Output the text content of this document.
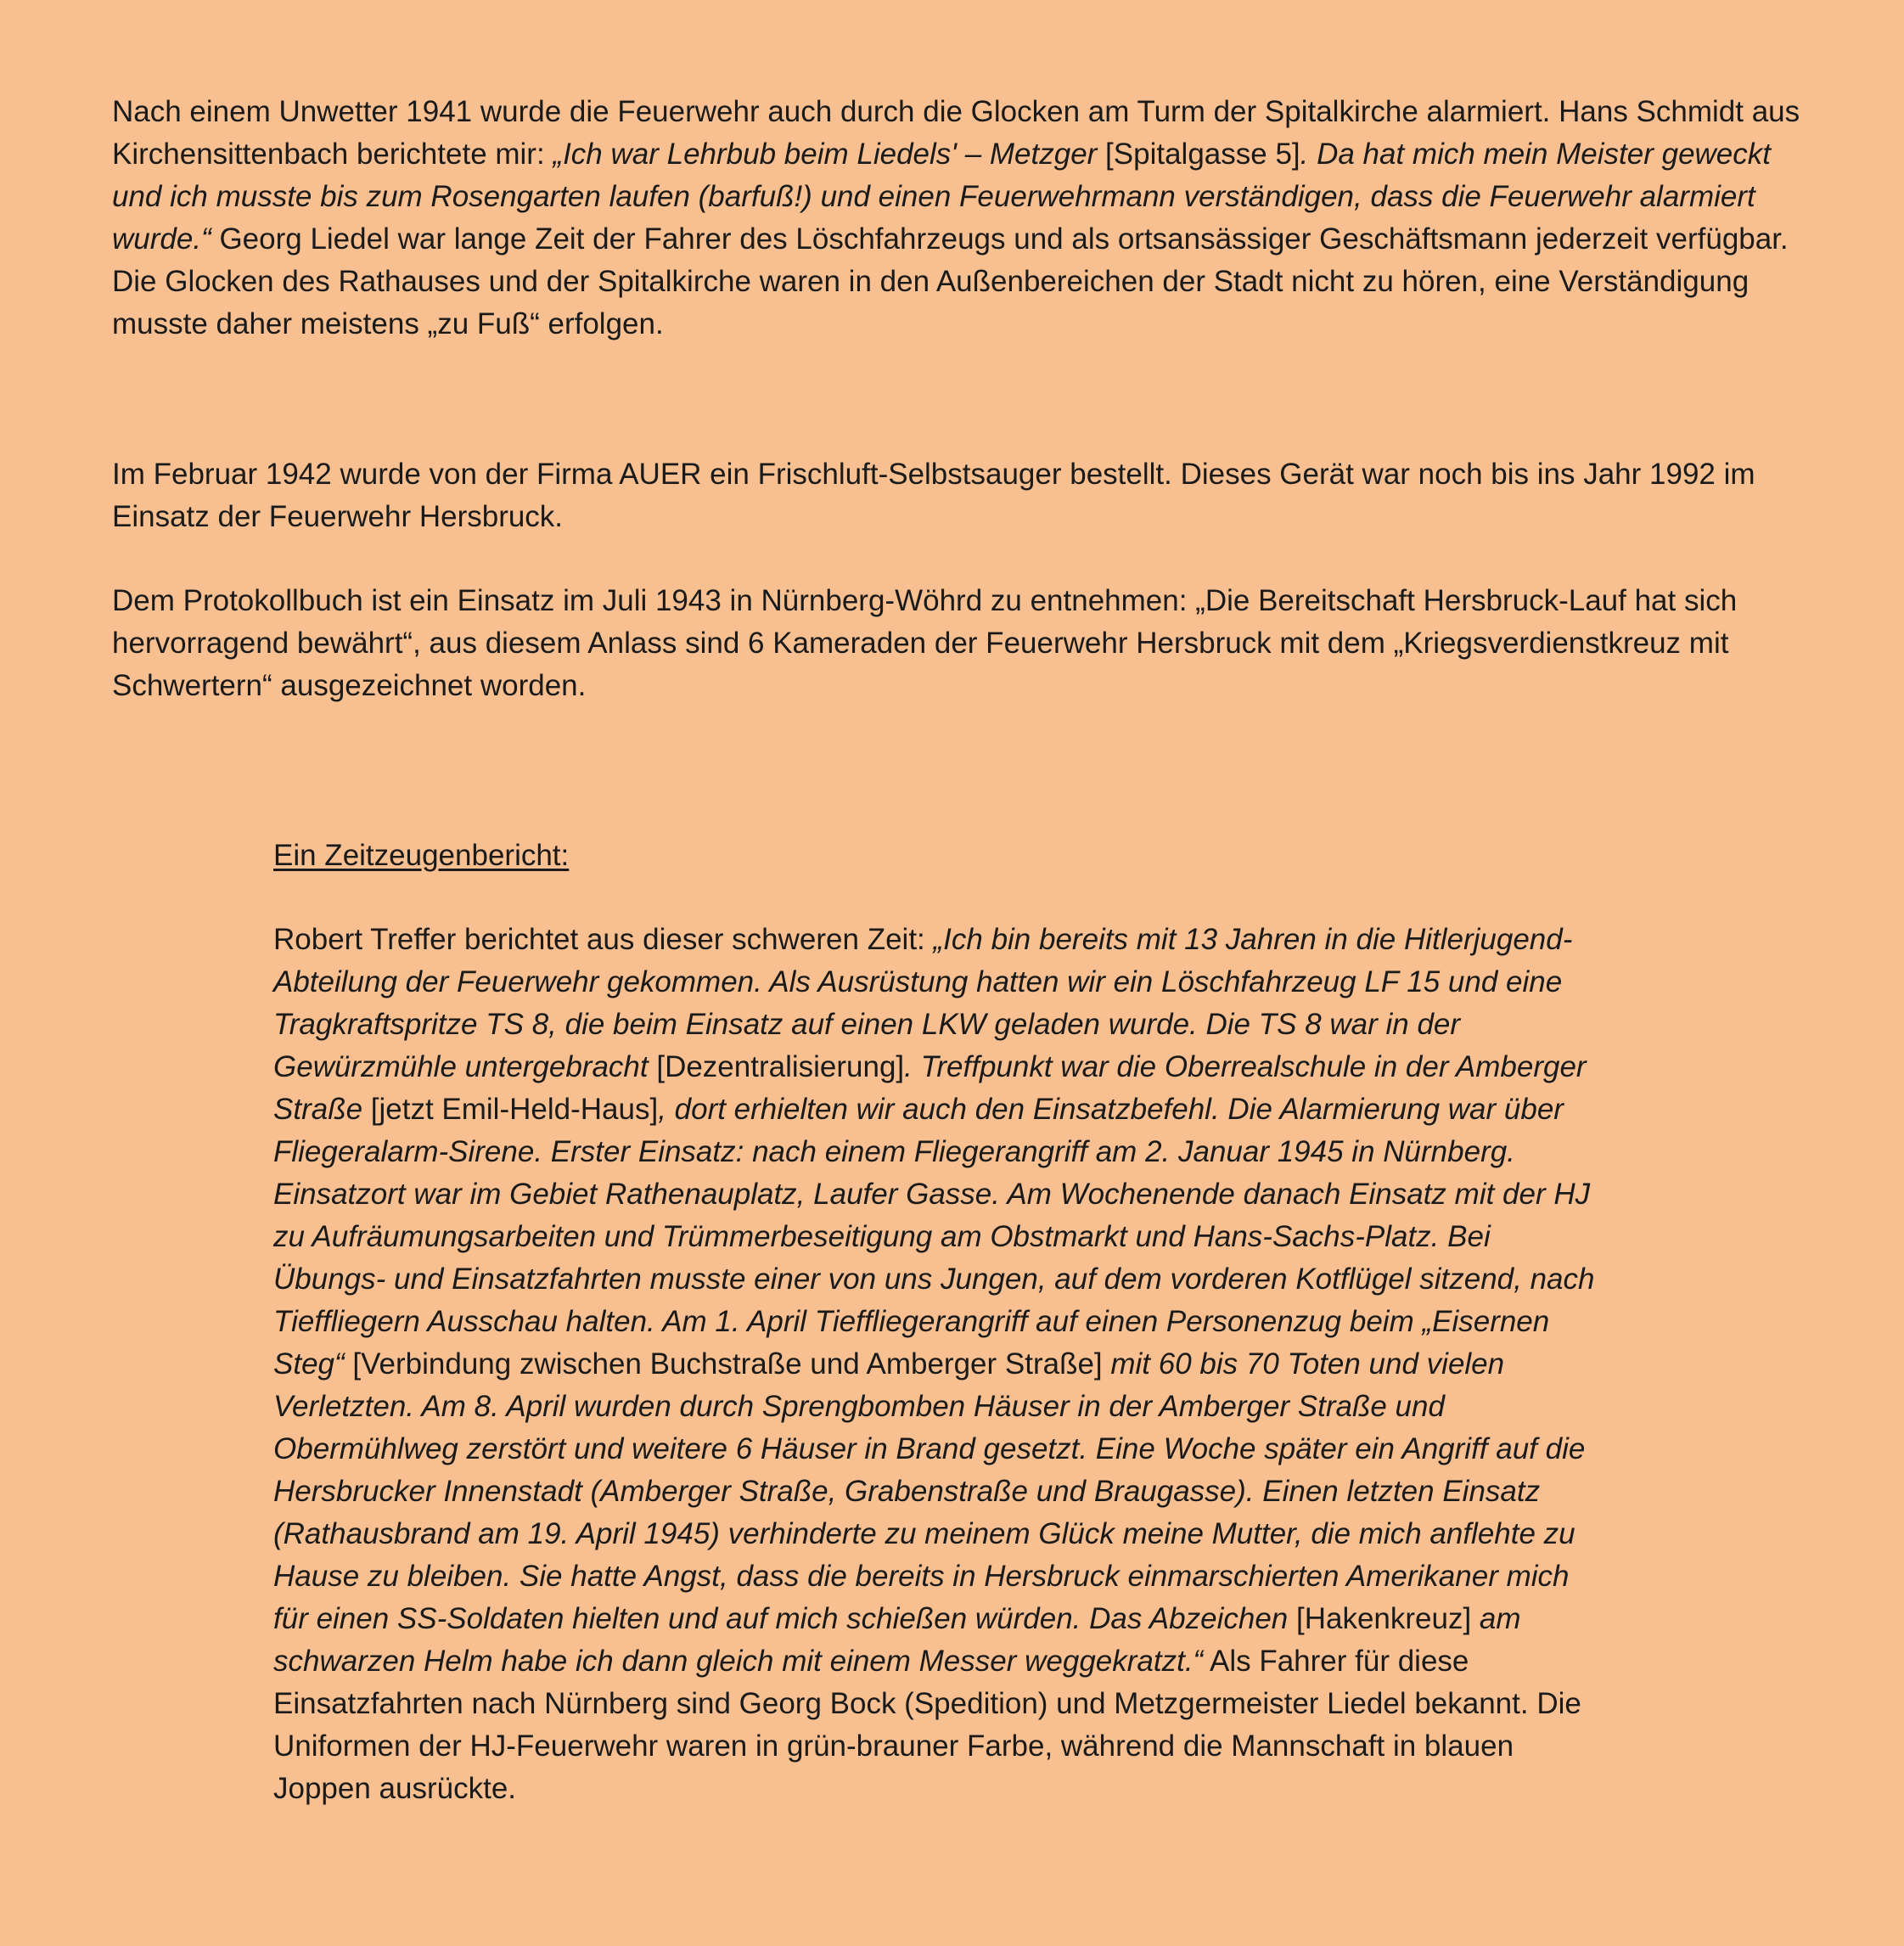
Nach einem Unwetter 1941 wurde die Feuerwehr auch durch die Glocken am Turm der Spitalkirche alarmiert. Hans Schmidt aus Kirchensittenbach berichtete mir: „Ich war Lehrbub beim Liedels' – Metzger [Spitalgasse 5]. Da hat mich mein Meister geweckt und ich musste bis zum Rosengarten laufen (barfuß!) und einen Feuerwehrmann verständigen, dass die Feuerwehr alarmiert wurde.“ Georg Liedel war lange Zeit der Fahrer des Löschfahrzeugs und als ortsansässiger Geschäftsmann jederzeit verfügbar. Die Glocken des Rathauses und der Spitalkirche waren in den Außenbereichen der Stadt nicht zu hören, eine Verständigung musste daher meistens „zu Fuß“ erfolgen.

Im Februar 1942 wurde von der Firma AUER ein Frischluft-Selbstsauger bestellt. Dieses Gerät war noch bis ins Jahr 1992 im Einsatz der Feuerwehr Hersbruck.

Dem Protokollbuch ist ein Einsatz im Juli 1943 in Nürnberg-Wöhrd zu entnehmen: „Die Bereitschaft Hersbruck-Lauf hat sich hervorragend bewährt“, aus diesem Anlass sind 6 Kameraden der Feuerwehr Hersbruck mit dem „Kriegsverdienstkreuz mit Schwertern“ ausgezeichnet worden.

Ein Zeitzeugenbericht:

Robert Treffer berichtet aus dieser schweren Zeit: „Ich bin bereits mit 13 Jahren in die Hitlerjugend-Abteilung der Feuerwehr gekommen. Als Ausrüstung hatten wir ein Löschfahrzeug LF 15 und eine Tragkraftspritze TS 8, die beim Einsatz auf einen LKW geladen wurde. Die TS 8 war in der Gewürzmühle untergebracht [Dezentralisierung]. Treffpunkt war die Oberrealschule in der Amberger Straße [jetzt Emil-Held-Haus], dort erhielten wir auch den Einsatzbefehl. Die Alarmierung war über Fliegeralarm-Sirene. Erster Einsatz: nach einem Fliegerangriff am 2. Januar 1945 in Nürnberg. Einsatzort war im Gebiet Rathenauplatz, Laufer Gasse. Am Wochenende danach Einsatz mit der HJ zu Aufräumungsarbeiten und Trümmerbeseitigung am Obstmarkt und Hans-Sachs-Platz. Bei Übungs- und Einsatzfahrten musste einer von uns Jungen, auf dem vorderen Kotflügel sitzend, nach Tieffliegern Ausschau halten. Am 1. April Tieffliegerangriff auf einen Personenzug beim „Eisernen Steg“ [Verbindung zwischen Buchstraße und Amberger Straße] mit 60 bis 70 Toten und vielen Verletzten. Am 8. April wurden durch Sprengbomben Häuser in der Amberger Straße und Obermühlweg zerstört und weitere 6 Häuser in Brand gesetzt. Eine Woche später ein Angriff auf die Hersbrucker Innenstadt (Amberger Straße, Grabenstraße und Braugasse). Einen letzten Einsatz (Rathausbrand am 19. April 1945) verhinderte zu meinem Glück meine Mutter, die mich anflehte zu Hause zu bleiben. Sie hatte Angst, dass die bereits in Hersbruck einmarschierten Amerikaner mich für einen SS-Soldaten hielten und auf mich schießen würden. Das Abzeichen [Hakenkreuz] am schwarzen Helm habe ich dann gleich mit einem Messer weggekratzt.“ Als Fahrer für diese Einsatzfahrten nach Nürnberg sind Georg Bock (Spedition) und Metzgermeister Liedel bekannt. Die Uniformen der HJ-Feuerwehr waren in grün-brauner Farbe, während die Mannschaft in blauen Joppen ausrückte.
